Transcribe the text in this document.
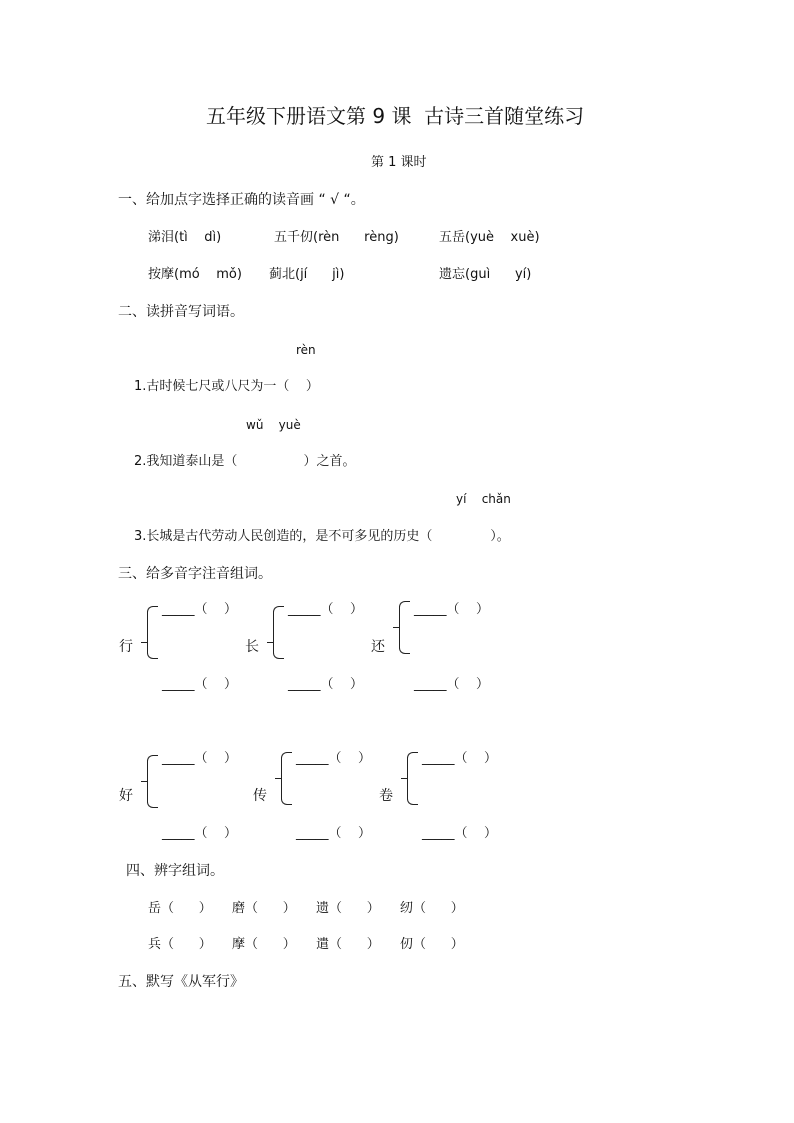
五年级下册语文第 9 课  古诗三首随堂练习
第 1 课时
一、给加点字选择正确的读音画 “ √ “。
涕泪(tì    dì)	五千仞(rèn      rèng)	五岳(yuè    xuè)
按摩(mó    mǒ) 蓟北(jí      jì)	遗忘(guì      yí)
二、读拼音写词语。
rèn
1.古时候七尺或八尺为一（    ）
wǔ    yuè
2.我知道泰山是（                ）之首。
yí    chǎn
3.长城是古代劳动人民创造的，是不可多见的历史（              ）。
三、给多音字注音组词。
行
_____（    ）
_____（    ）
长
_____（    ）
_____（    ）
还
_____（    ）
_____（    ）
好
_____（    ）
_____（    ）
传
_____（    ）
_____（    ）
卷
_____（    ）
_____（    ）
四、辨字组词。
岳（      ） 磨（      ） 遗（      ） 纫（      ）
兵（      ） 摩（      ） 遣（      ） 仞（      ）
五、默写《从军行》
